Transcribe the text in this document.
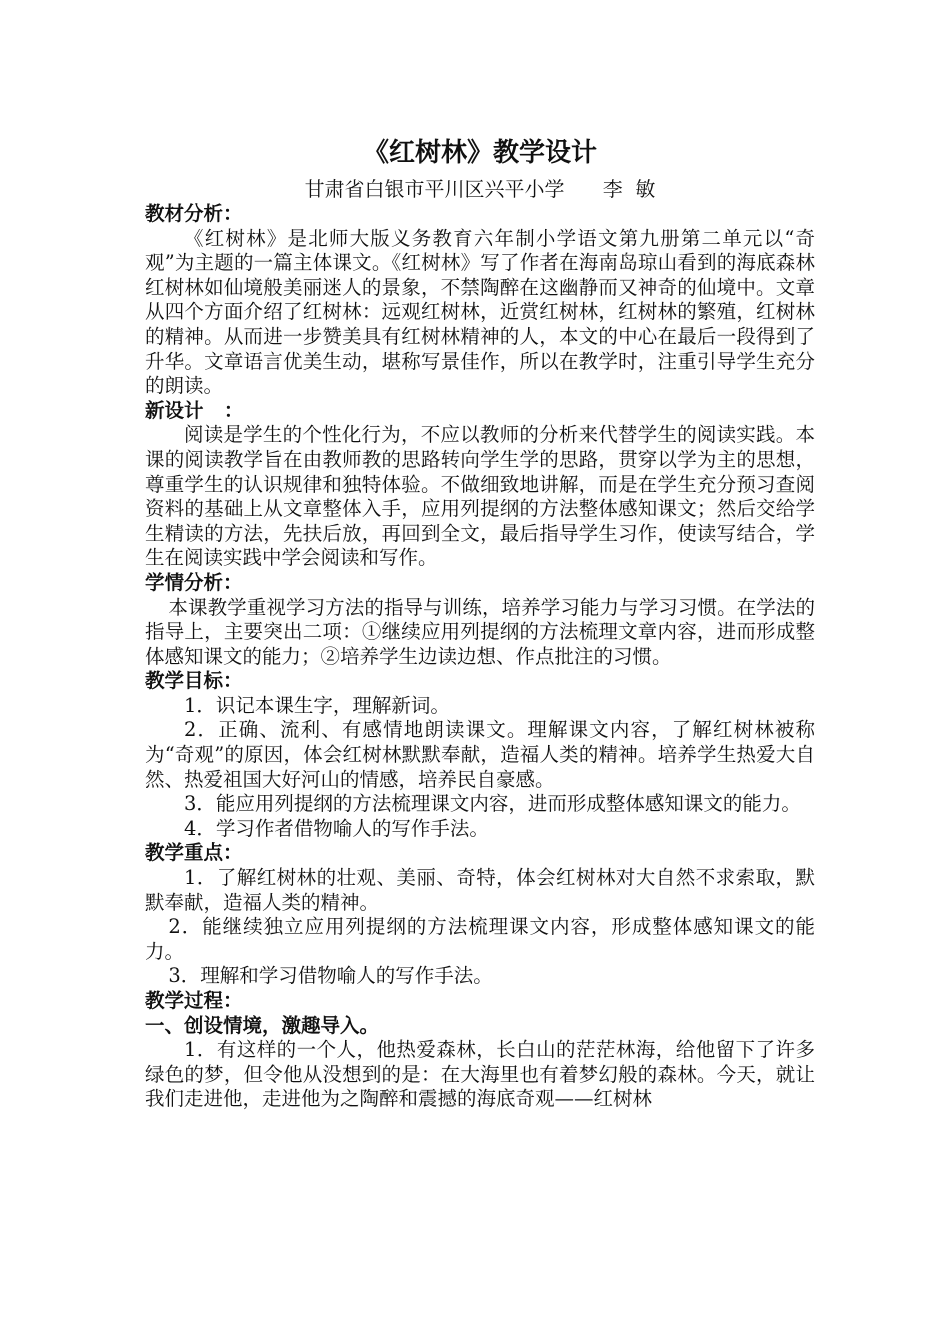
《红树林》教学设计

甘肃省白银市平川区兴平小学      李  敏

教材分析：

《红树林》是北师大版义务教育六年制小学语文第九册第二单元以“奇观”为主题的一篇主体课文。《红树林》写了作者在海南岛琼山看到的海底森林红树林如仙境般美丽迷人的景象，不禁陶醉在这幽静而又神奇的仙境中。文章从四个方面介绍了红树林：远观红树林，近赏红树林，红树林的繁殖，红树林的精神。从而进一步赞美具有红树林精神的人，本文的中心在最后一段得到了升华。文章语言优美生动，堪称写景佳作，所以在教学时，注重引导学生充分的朗读。

新设计   ：

阅读是学生的个性化行为，不应以教师的分析来代替学生的阅读实践。本课的阅读教学旨在由教师教的思路转向学生学的思路，贯穿以学为主的思想，尊重学生的认识规律和独特体验。不做细致地讲解，而是在学生充分预习查阅资料的基础上从文章整体入手，应用列提纲的方法整体感知课文；然后交给学生精读的方法，先扶后放，再回到全文，最后指导学生习作，使读写结合，学生在阅读实践中学会阅读和写作。

学情分析：

本课教学重视学习方法的指导与训练，培养学习能力与学习习惯。在学法的指导上，主要突出二项：①继续应用列提纲的方法梳理文章内容，进而形成整体感知课文的能力；②培养学生边读边想、作点批注的习惯。

教学目标：

1．识记本课生字，理解新词。

2．正确、流利、有感情地朗读课文。理解课文内容，了解红树林被称为“奇观”的原因，体会红树林默默奉献，造福人类的精神。培养学生热爱大自然、热爱祖国大好河山的情感，培养民自豪感。

3．能应用列提纲的方法梳理课文内容，进而形成整体感知课文的能力。

4．学习作者借物喻人的写作手法。

教学重点：

1．了解红树林的壮观、美丽、奇特，体会红树林对大自然不求索取，默默奉献，造福人类的精神。

2．能继续独立应用列提纲的方法梳理课文内容，形成整体感知课文的能力。

3．理解和学习借物喻人的写作手法。

教学过程：

一、创设情境，激趣导入。

1．有这样的一个人，他热爱森林，长白山的茫茫林海，给他留下了许多绿色的梦，但令他从没想到的是：在大海里也有着梦幻般的森林。今天，就让我们走进他，走进他为之陶醉和震撼的海底奇观——红树林
